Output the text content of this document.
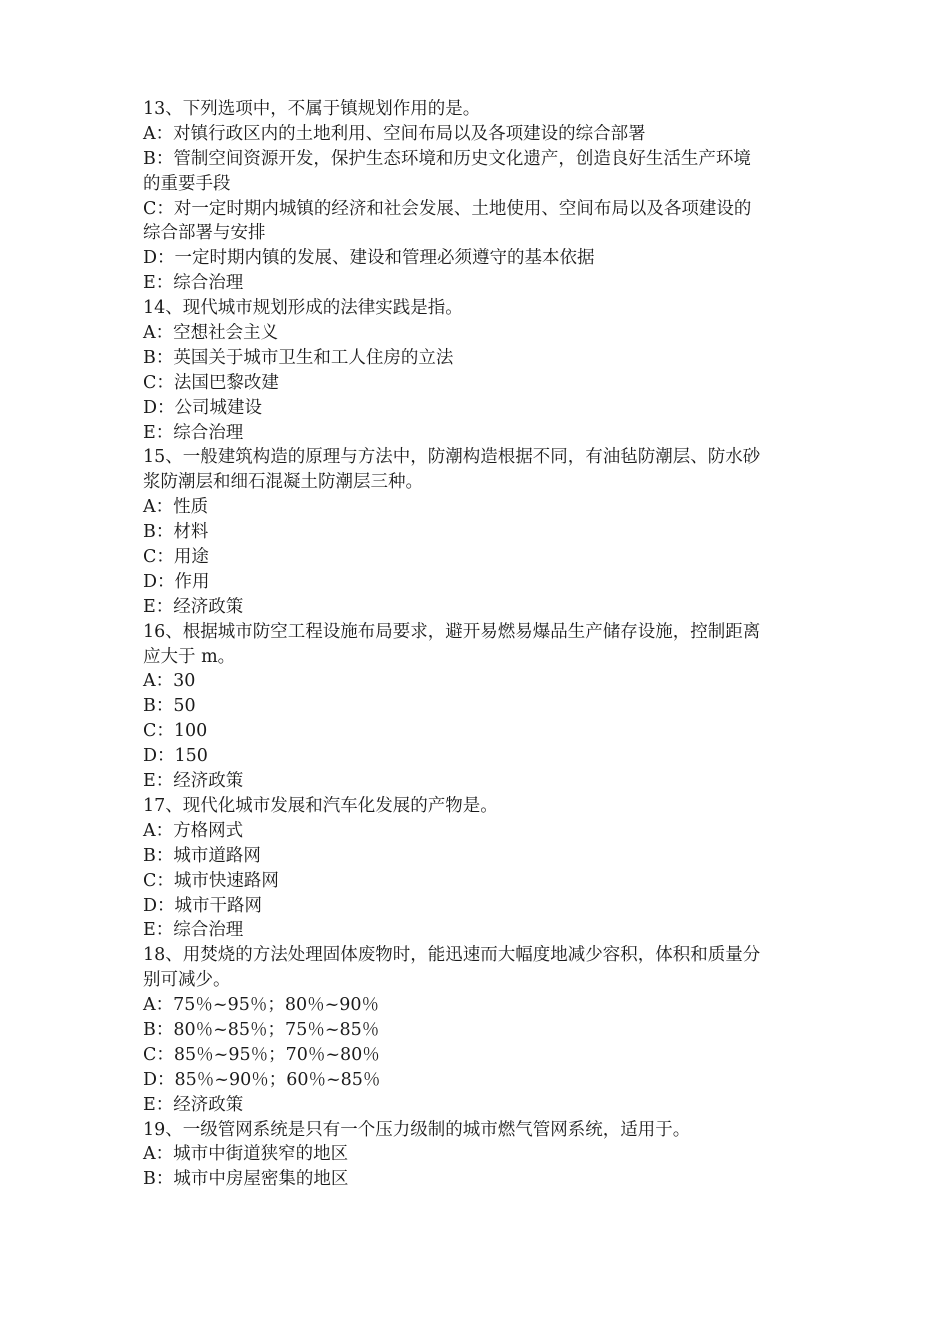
13、下列选项中，不属于镇规划作用的是。
A：对镇行政区内的土地利用、空间布局以及各项建设的综合部署
B：管制空间资源开发，保护生态环境和历史文化遗产，创造良好生活生产环境
的重要手段
C：对一定时期内城镇的经济和社会发展、土地使用、空间布局以及各项建设的
综合部署与安排
D：一定时期内镇的发展、建设和管理必须遵守的基本依据
E：综合治理
14、现代城市规划形成的法律实践是指。
A：空想社会主义
B：英国关于城市卫生和工人住房的立法
C：法国巴黎改建
D：公司城建设
E：综合治理
15、一般建筑构造的原理与方法中，防潮构造根据不同，有油毡防潮层、防水砂
浆防潮层和细石混凝土防潮层三种。
A：性质
B：材料
C：用途
D：作用
E：经济政策
16、根据城市防空工程设施布局要求，避开易燃易爆品生产储存设施，控制距离
应大于 m。
A：30
B：50
C：100
D：150
E：经济政策
17、现代化城市发展和汽车化发展的产物是。
A：方格网式
B：城市道路网
C：城市快速路网
D：城市干路网
E：综合治理
18、用焚烧的方法处理固体废物时，能迅速而大幅度地减少容积，体积和质量分
别可减少。
A：75％~95％；80％~90％
B：80％~85％；75％~85％
C：85％~95％；70％~80％
D：85％~90％；60％~85％
E：经济政策
19、一级管网系统是只有一个压力级制的城市燃气管网系统，适用于。
A：城市中街道狭窄的地区
B：城市中房屋密集的地区
